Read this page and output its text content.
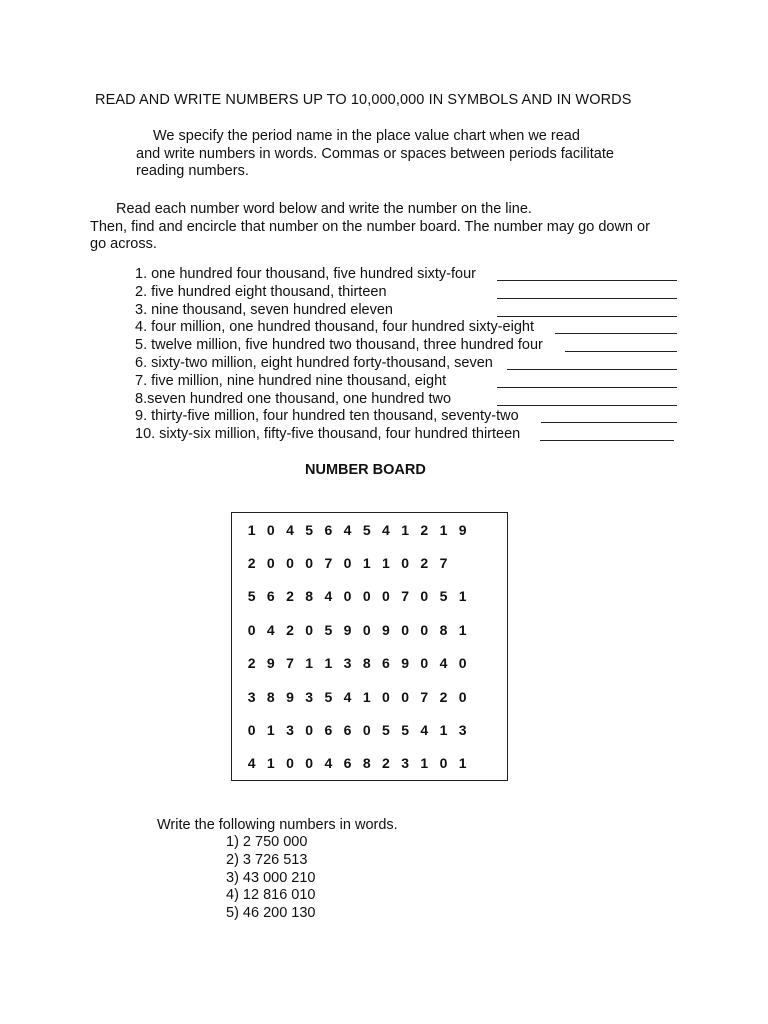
READ AND WRITE NUMBERS UP TO 10,000,000 IN SYMBOLS AND IN WORDS
We specify the period name in the place value chart when we read
and write numbers in words. Commas or spaces between periods facilitate
reading numbers.
Read each number word below and write the number on the line.
Then, find and encircle that number on the number board. The number may go down or
go across.
1. one hundred four thousand, five hundred sixty-four
2. five hundred eight thousand, thirteen
3. nine thousand, seven hundred eleven
4. four million, one hundred thousand, four hundred sixty-eight
5. twelve million, five hundred two thousand, three hundred four
6. sixty-two million, eight hundred forty-thousand, seven
7. five million, nine hundred nine thousand, eight
8.seven hundred one thousand, one hundred two
9. thirty-five million, four hundred ten thousand, seventy-two
10. sixty-six million, fifty-five thousand, four hundred thirteen
NUMBER BOARD
1 0 4 5 6 4 5 4 1 2 1 9
2 0 0 0 7 0 1 1 0 2 7
5 6 2 8 4 0 0 0 7 0 5 1
0 4 2 0 5 9 0 9 0 0 8 1
2 9 7 1 1 3 8 6 9 0 4 0
3 8 9 3 5 4 1 0 0 7 2 0
0 1 3 0 6 6 0 5 5 4 1 3
4 1 0 0 4 6 8 2 3 1 0 1
Write the following numbers in words.
1) 2 750 000
2) 3 726 513
3) 43 000 210
4) 12 816 010
5) 46 200 130
